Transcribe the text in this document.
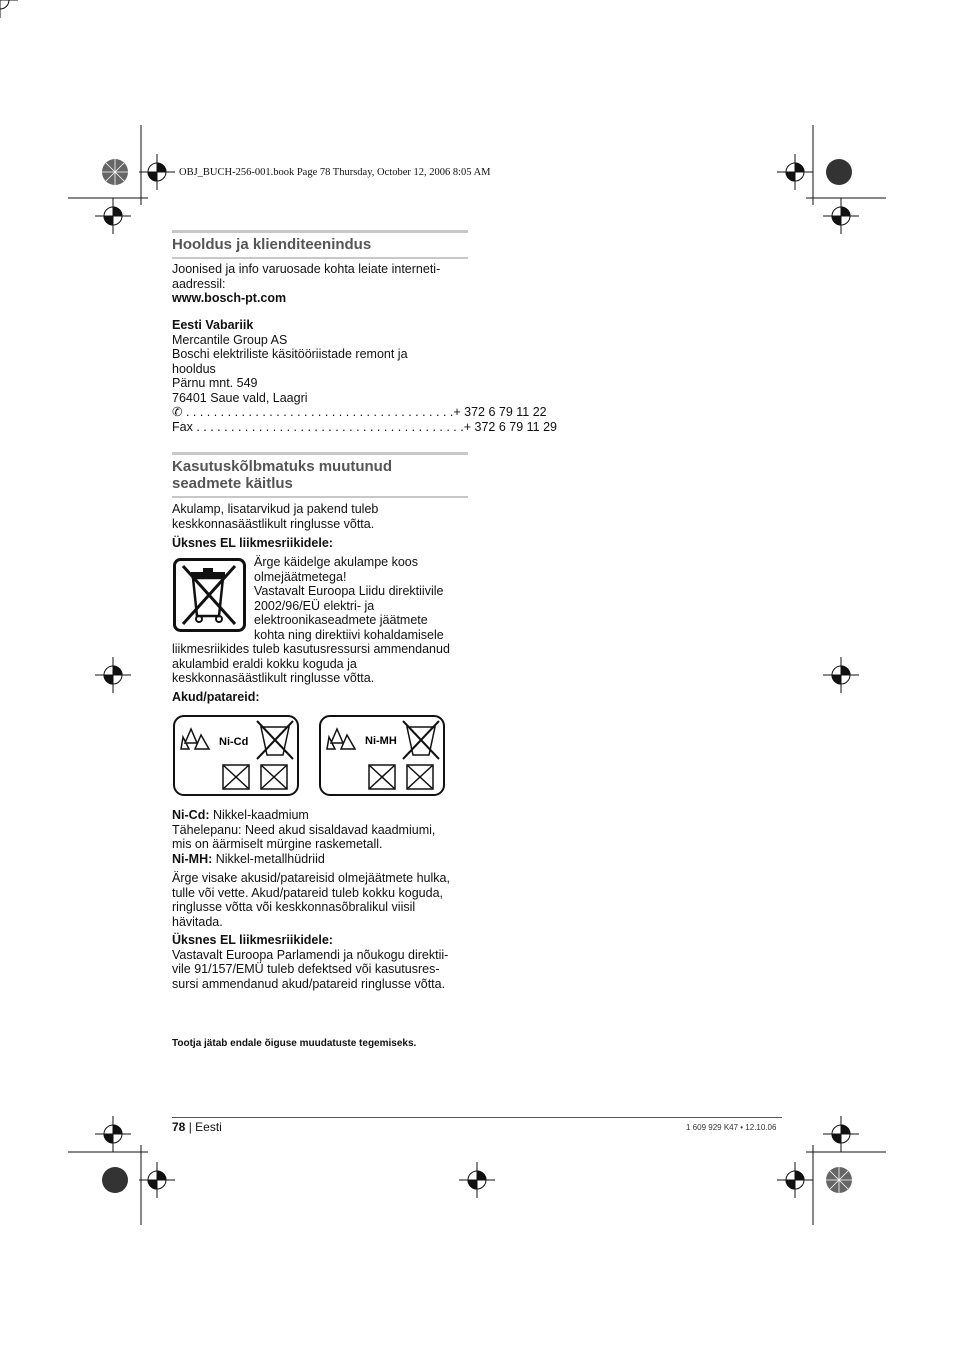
OBJ_BUCH-256-001.book Page 78 Thursday, October 12, 2006 8:05 AM
Hooldus ja klienditeenindus
Joonised ja info varuosade kohta leiate interneti-
aadressil:
www.bosch-pt.com
Eesti Vabariik
Mercantile Group AS
Boschi elektriliste käsitööriistade remont ja
hooldus
Pärnu mnt. 549
76401 Saue vald, Laagri
✆ . . . . . . . . . . . . . . . . . . . . . . . . . . . . . . . . . . . . . . . + 372 6 79 11 22
Fax . . . . . . . . . . . . . . . . . . . . . . . . . . . . . . . . . . . . . . . + 372 6 79 11 29
Kasutuskõlbmatuks muutunud
seadmete käitlus
Akulamp, lisatarvikud ja pakend tuleb
keskkonnasäästlikult ringlusse võtta.
Üksnes EL liikmesriikidele:
Ärge käidelge akulampe koos
olmejäätmetega!
Vastavalt Euroopa Liidu direktiivile
2002/96/EÜ elektri- ja
elektroonikaseadmete jäätmete
kohta ning direktiivi kohaldamisele
liikmesriikides tuleb kasutusressursi ammendanud
akulambid eraldi kokku koguda ja
keskkonnasäästlikult ringlusse võtta.
Akud/patareid:
Ni-Cd	Ni-MH
Ni-Cd: Nikkel-kaadmium
Tähelepanu: Need akud sisaldavad kaadmiumi,
mis on äärmiselt mürgine raskemetall.
Ni-MH: Nikkel-metallhüdriid
Ärge visake akusid/patareisid olmejäätmete hulka,
tulle või vette. Akud/patareid tuleb kokku koguda,
ringlusse võtta või keskkonnasõbralikul viisil
hävitada.
Üksnes EL liikmesriikidele:
Vastavalt Euroopa Parlamendi ja nõukogu direktii-
vile 91/157/EMÜ tuleb defektsed või kasutusres-
sursi ammendanud akud/patareid ringlusse võtta.
Tootja jätab endale õiguse muudatuste tegemiseks.
78 | Eesti	1 609 929 K47 • 12.10.06
